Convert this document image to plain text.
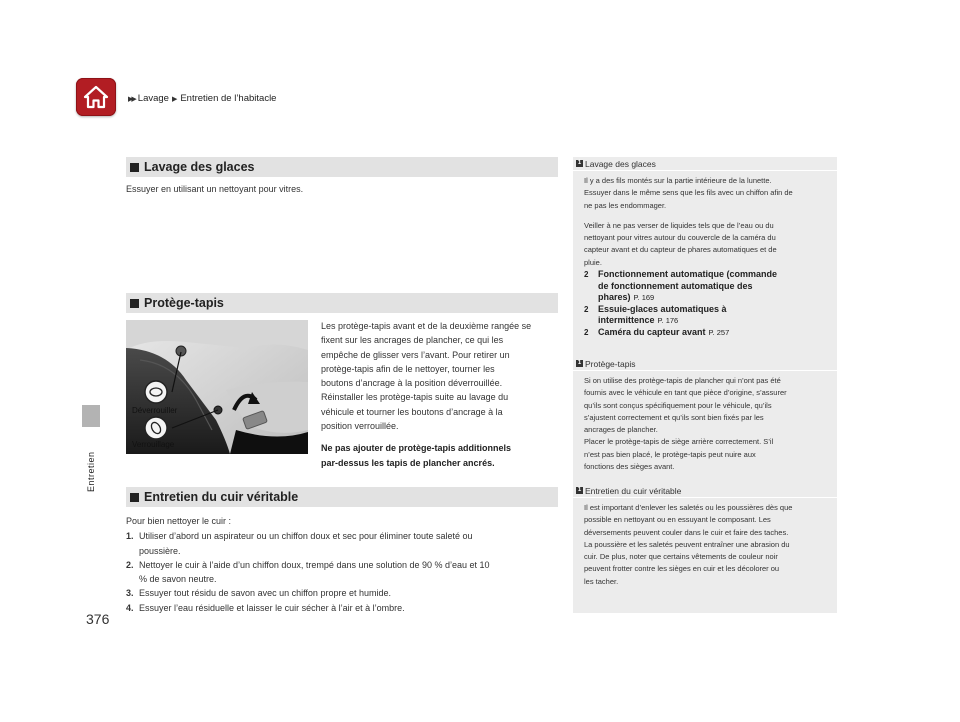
▶▶ Lavage ▶ Entretien de l’habitacle
Entretien
376
Lavage des glaces
Essuyer en utilisant un nettoyant pour vitres.
Protège-tapis
Déverrouiller
Verrouillage
Les protège-tapis avant et de la deuxième rangée se
fixent sur les ancrages de plancher, ce qui les
empêche de glisser vers l’avant. Pour retirer un
protège-tapis afin de le nettoyer, tourner les
boutons d’ancrage à la position déverrouillée.
Réinstaller les protège-tapis suite au lavage du
véhicule et tourner les boutons d’ancrage à la
position verrouillée.
Ne pas ajouter de protège-tapis additionnels
par-dessus les tapis de plancher ancrés.
Entretien du cuir véritable
Pour bien nettoyer le cuir :
1. Utiliser d’abord un aspirateur ou un chiffon doux et sec pour éliminer toute saleté ou
poussière.
2. Nettoyer le cuir à l’aide d’un chiffon doux, trempé dans une solution de 90 % d’eau et 10
% de savon neutre.
3. Essuyer tout résidu de savon avec un chiffon propre et humide.
4. Essuyer l’eau résiduelle et laisser le cuir sécher à l’air et à l’ombre.
1 Lavage des glaces

Il y a des fils montés sur la partie intérieure de la lunette.

Essuyer dans le même sens que les fils avec un chiffon afin de

ne pas les endommager.

Veiller à ne pas verser de liquides tels que de l’eau ou du

nettoyant pour vitres autour du couvercle de la caméra du

capteur avant et du capteur de phares automatiques et de

pluie.

2	Fonctionnement automatique (commande
de fonctionnement automatique des
phares) P. 169
2	Essuie-glaces automatiques à
intermittence P. 176
2	Caméra du capteur avant P. 257
1 Protège-tapis

Si on utilise des protège-tapis de plancher qui n’ont pas été

fournis avec le véhicule en tant que pièce d’origine, s’assurer

qu’ils sont conçus spécifiquement pour le véhicule, qu’ils

s’ajustent correctement et qu’ils sont bien fixés par les

ancrages de plancher.

Placer le protège-tapis de siège arrière correctement. S’il

n’est pas bien placé, le protège-tapis peut nuire aux

fonctions des sièges avant.

1 Entretien du cuir véritable

Il est important d’enlever les saletés ou les poussières dès que

possible en nettoyant ou en essuyant le composant. Les

déversements peuvent couler dans le cuir et faire des taches.

La poussière et les saletés peuvent entraîner une abrasion du

cuir. De plus, noter que certains vêtements de couleur noir

peuvent frotter contre les sièges en cuir et les décolorer ou

les tacher.
